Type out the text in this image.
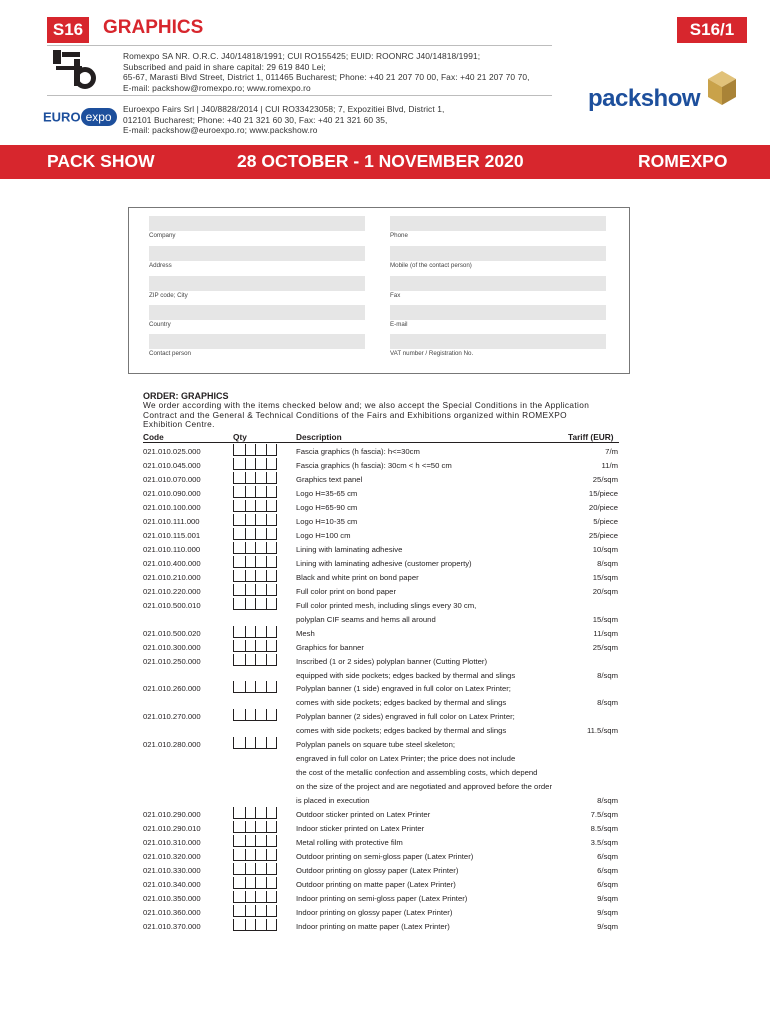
S16	GRAPHICS	S16/1
Romexpo SA NR. O.R.C. J40/14818/1991; CUI RO155425; EUID: ROONRC J40/14818/1991;
Subscribed and paid in share capital: 29 619 840 Lei;
65-67, Marasti Blvd Street, District 1, 011465 Bucharest; Phone: +40 21 207 70 00, Fax: +40 21 207 70 70,
E-mail: packshow@romexpo.ro; www.romexpo.ro
EURO expo
Euroexpo Fairs Srl | J40/8828/2014 | CUI RO33423058; 7, Expozitiei Blvd, District 1,
012101 Bucharest; Phone: +40 21 321 60 30, Fax: +40 21 321 60 35,
E-mail: packshow@euroexpo.ro; www.packshow.ro
packshow
PACK SHOW	28 OCTOBER - 1 NOVEMBER 2020	ROMEXPO
Company	Phone
Address	Mobile (of the contact person)
ZIP code; City	Fax
Country	E-mail
Contact person	VAT number / Registration No.
ORDER: GRAPHICS
We order according with the items checked below and; we also accept the Special Conditions in the Application
Contract and the General & Technical Conditions of the Fairs and Exhibitions organized within ROMEXPO
Exhibition Centre.
Code	Qty	Description	Tariff (EUR)
021.010.025.000	Fascia graphics (h fascia): h<=30cm	7/m
021.010.045.000	Fascia graphics (h fascia): 30cm < h <=50 cm	11/m
021.010.070.000	Graphics text panel	25/sqm
021.010.090.000	Logo H=35-65 cm	15/piece
021.010.100.000	Logo H=65-90 cm	20/piece
021.010.111.000	Logo H=10-35 cm	5/piece
021.010.115.001	Logo H=100 cm	25/piece
021.010.110.000	Lining with laminating adhesive	10/sqm
021.010.400.000	Lining with laminating adhesive (customer property)	8/sqm
021.010.210.000	Black and white print on bond paper	15/sqm
021.010.220.000	Full color print on bond paper	20/sqm
021.010.500.010	Full color printed mesh, including slings every 30 cm,
polyplan CIF seams and hems all around	15/sqm
021.010.500.020	Mesh	11/sqm
021.010.300.000	Graphics for banner	25/sqm
021.010.250.000	Inscribed (1 or 2 sides) polyplan banner (Cutting Plotter)
equipped with side pockets; edges backed by thermal and slings	8/sqm
021.010.260.000	Polyplan banner (1 side) engraved in full color on Latex Printer;
comes with side pockets; edges backed by thermal and slings	8/sqm
021.010.270.000	Polyplan banner (2 sides) engraved in full color on Latex Printer;
comes with side pockets; edges backed by thermal and slings	11.5/sqm
021.010.280.000	Polyplan panels on square tube steel skeleton;
engraved in full color on Latex Printer; the price does not include
the cost of the metallic confection and assembling costs, which depend
on the size of the project and are negotiated and approved before the order
is placed in execution	8/sqm
021.010.290.000	Outdoor sticker printed on Latex Printer	7.5/sqm
021.010.290.010	Indoor sticker printed on Latex Printer	8.5/sqm
021.010.310.000	Metal rolling with protective film	3.5/sqm
021.010.320.000	Outdoor printing on semi-gloss paper (Latex Printer)	6/sqm
021.010.330.000	Outdoor printing on glossy paper (Latex Printer)	6/sqm
021.010.340.000	Outdoor printing on matte paper (Latex Printer)	6/sqm
021.010.350.000	Indoor printing on semi-gloss paper (Latex Printer)	9/sqm
021.010.360.000	Indoor printing on glossy paper (Latex Printer)	9/sqm
021.010.370.000	Indoor printing on matte paper (Latex Printer)	9/sqm
